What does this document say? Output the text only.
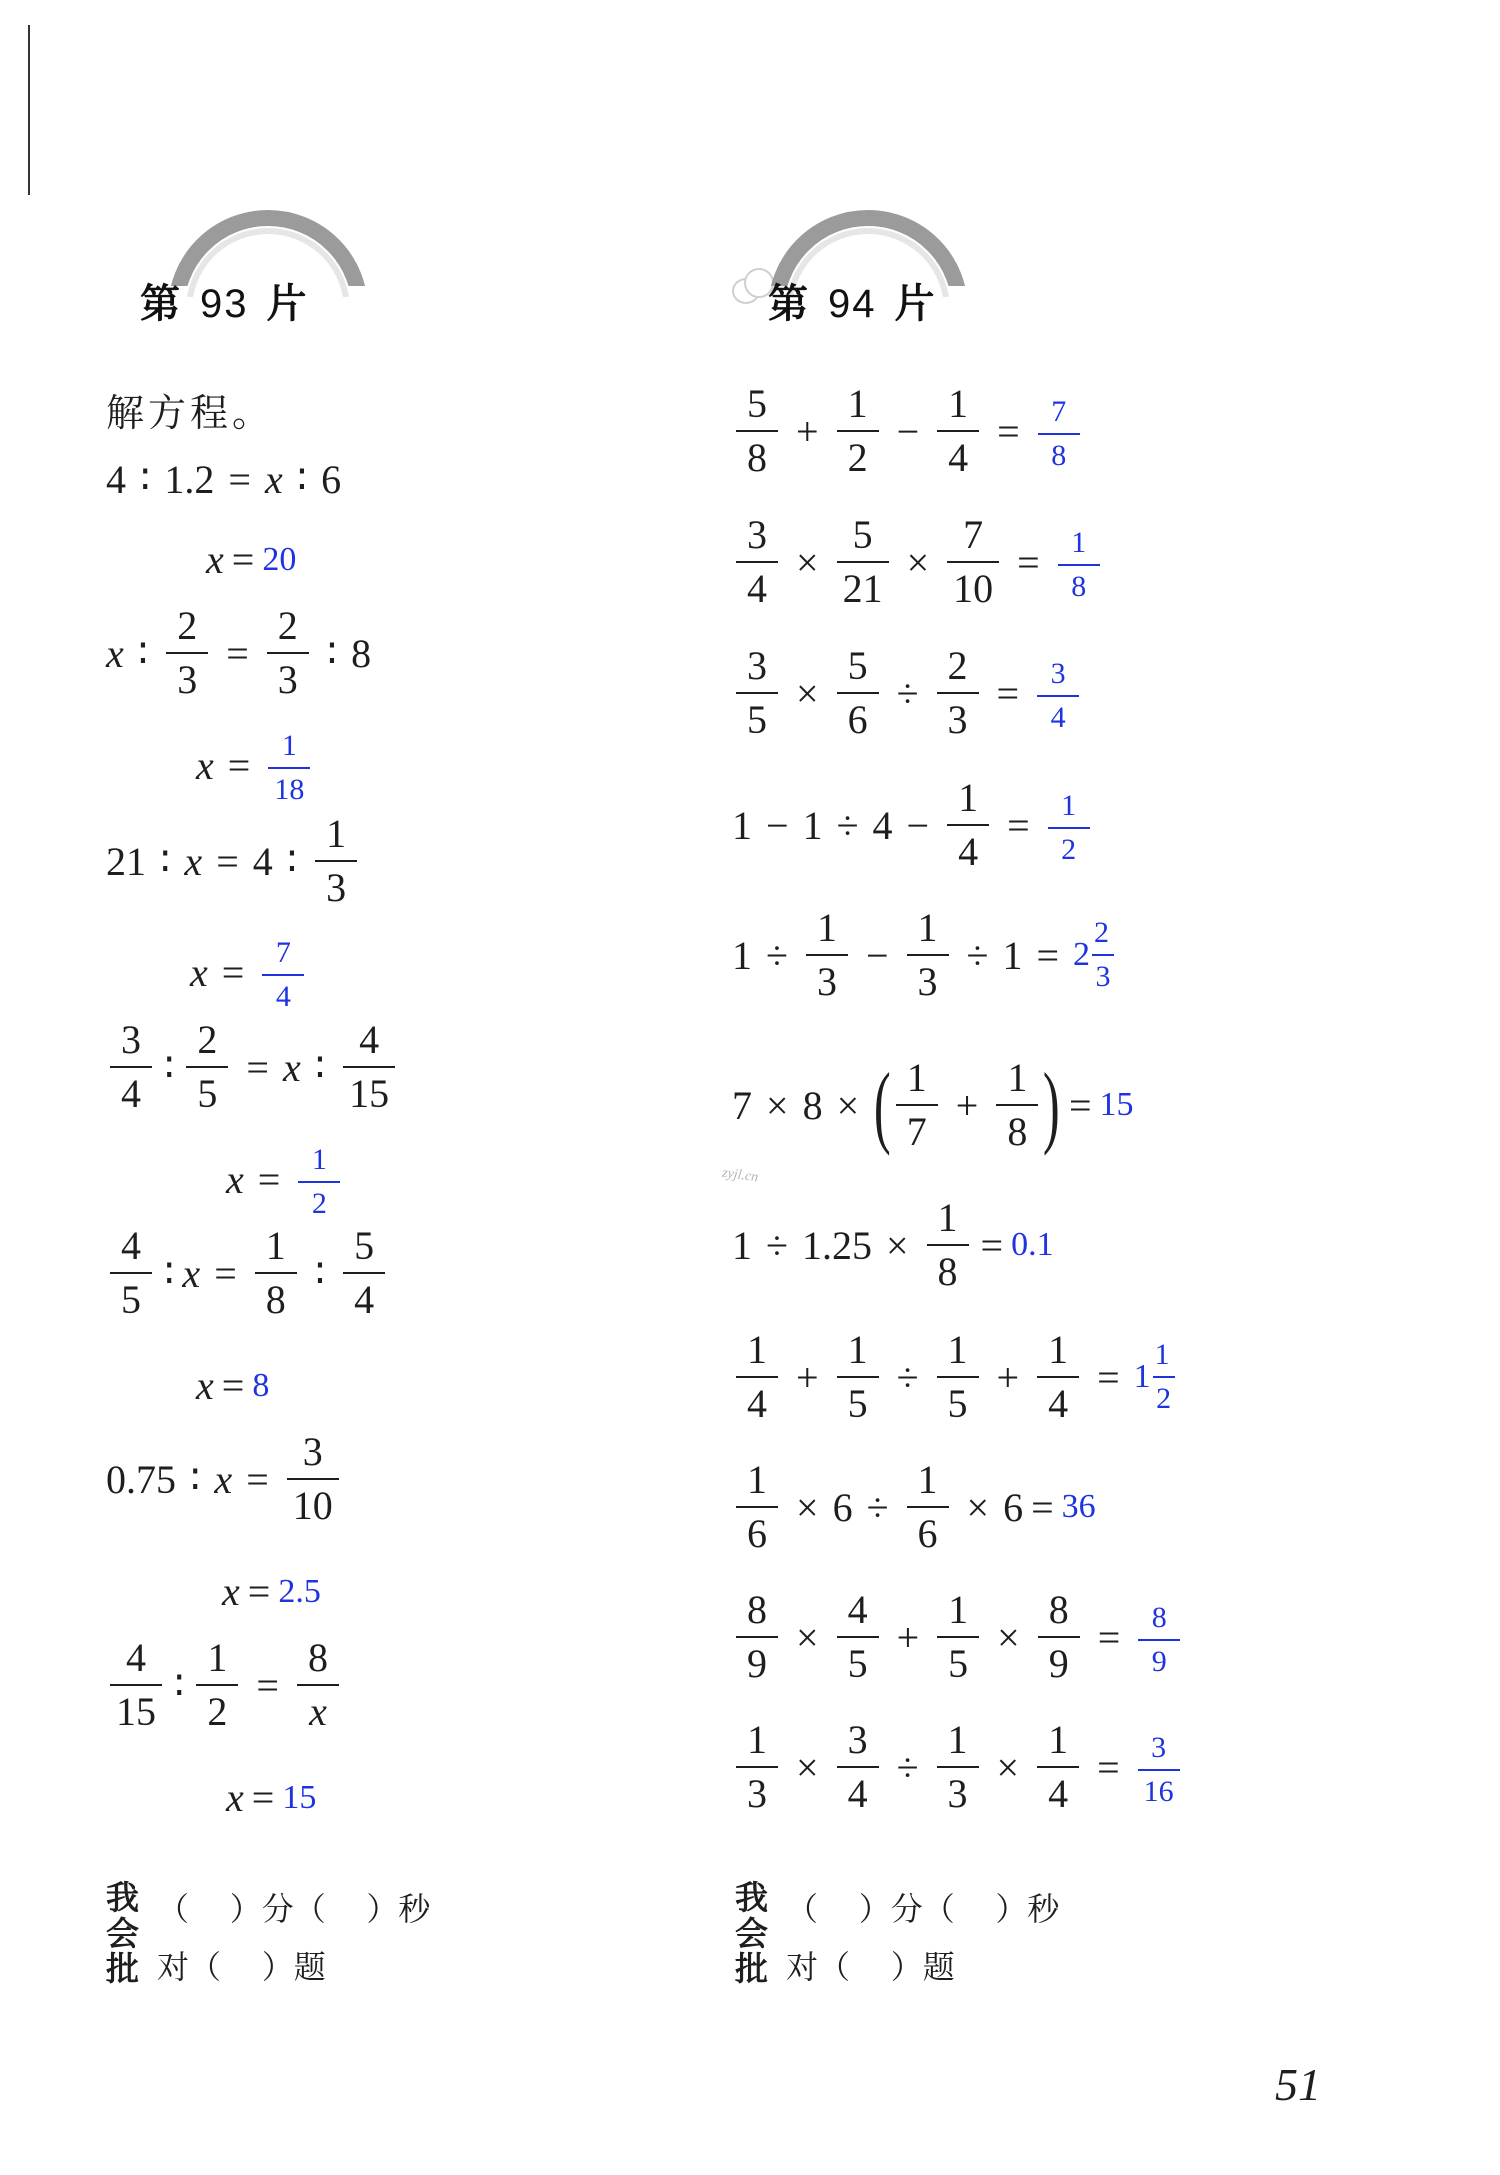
第 93 片
解方程。
4 ∶ 1.2 = x ∶ 6
x = 20
x ∶ $\frac{2}{3} = \frac{2}{3}$ ∶ 8
$x = \frac{1}{18}$
21 ∶ x = 4 ∶ $\frac{1}{3}$
$x = \frac{7}{4}$
$\frac{3}{4}$ ∶ $\frac{2}{5} = x$ ∶ $\frac{4}{15}$
$x = \frac{1}{2}$
$\frac{4}{5}$ ∶ $x = \frac{1}{8}$ ∶ $\frac{5}{4}$
x = 8
0.75 ∶ $x = \frac{3}{10}$
x = 2.5
$\frac{4}{15}$ ∶ $\frac{1}{2} = \frac{8}{x}$
x = 15
我
会
批
（    ）分（    ）秒
对（    ）题
第 94 片
$\frac{5}{8} + \frac{1}{2} - \frac{1}{4} = \frac{7}{8}$
$\frac{3}{4} \times \frac{5}{21} \times \frac{7}{10} = \frac{1}{8}$
$\frac{3}{5} \times \frac{5}{6} \div \frac{2}{3} = \frac{3}{4}$
$1 - 1 \div 4 - \frac{1}{4} = \frac{1}{2}$
$1 \div \frac{1}{3} - \frac{1}{3} \div 1 = 2 \frac{2}{3}$
7 × 8 × ( $\frac{1}{7} + \frac{1}{8}$ ) = 15
$1 \div 1.25 \times \frac{1}{8} = 0.1$
$\frac{1}{4} + \frac{1}{5} \div \frac{1}{5} + \frac{1}{4} = 1 \frac{1}{2}$
$\frac{1}{6} \times 6 \div \frac{1}{6} \times 6 = 36$
$\frac{8}{9} \times \frac{4}{5} + \frac{1}{5} \times \frac{8}{9} = \frac{8}{9}$
$\frac{1}{3} \times \frac{3}{4} \div \frac{1}{3} \times \frac{1}{4} = \frac{3}{16}$
我
会
批
（    ）分（    ）秒
对（    ）题
zyjl.cn
51
